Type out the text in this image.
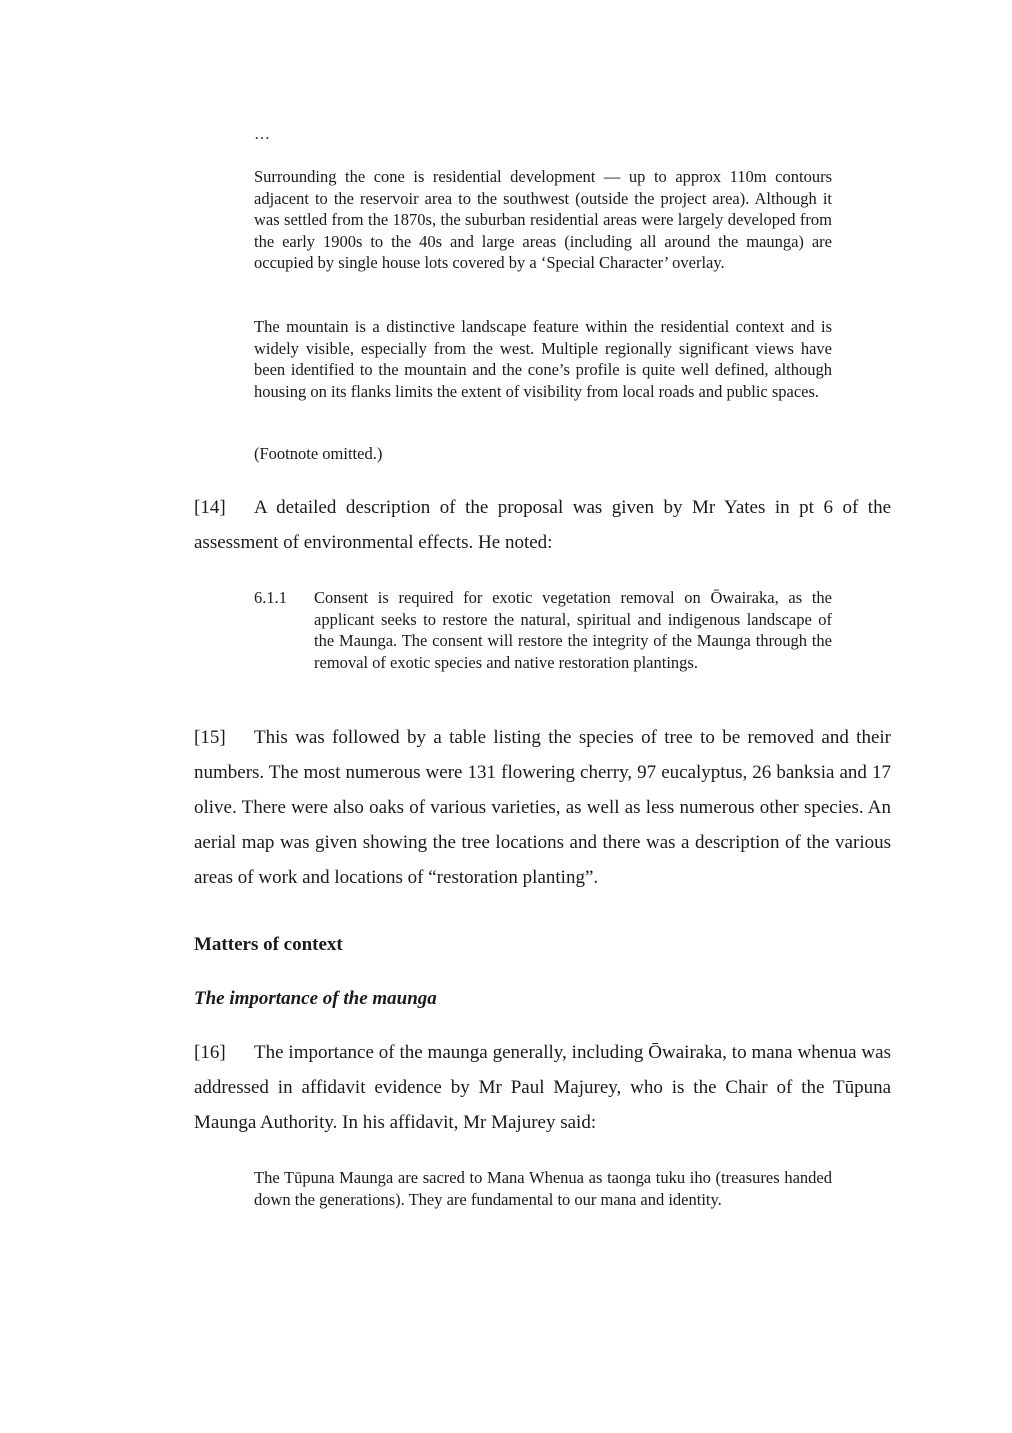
…

Surrounding the cone is residential development — up to approx 110m contours adjacent to the reservoir area to the southwest (outside the project area). Although it was settled from the 1870s, the suburban residential areas were largely developed from the early 1900s to the 40s and large areas (including all around the maunga) are occupied by single house lots covered by a ‘Special Character’ overlay.

The mountain is a distinctive landscape feature within the residential context and is widely visible, especially from the west. Multiple regionally significant views have been identified to the mountain and the cone’s profile is quite well defined, although housing on its flanks limits the extent of visibility from local roads and public spaces.

(Footnote omitted.)

[14] A detailed description of the proposal was given by Mr Yates in pt 6 of the assessment of environmental effects. He noted:

6.1.1 Consent is required for exotic vegetation removal on Ōwairaka, as the applicant seeks to restore the natural, spiritual and indigenous landscape of the Maunga. The consent will restore the integrity of the Maunga through the removal of exotic species and native restoration plantings.

[15] This was followed by a table listing the species of tree to be removed and their numbers. The most numerous were 131 flowering cherry, 97 eucalyptus, 26 banksia and 17 olive. There were also oaks of various varieties, as well as less numerous other species. An aerial map was given showing the tree locations and there was a description of the various areas of work and locations of “restoration planting”.

Matters of context
The importance of the maunga

[16] The importance of the maunga generally, including Ōwairaka, to mana whenua was addressed in affidavit evidence by Mr Paul Majurey, who is the Chair of the Tūpuna Maunga Authority. In his affidavit, Mr Majurey said:

The Tūpuna Maunga are sacred to Mana Whenua as taonga tuku iho (treasures handed down the generations). They are fundamental to our mana and identity.
